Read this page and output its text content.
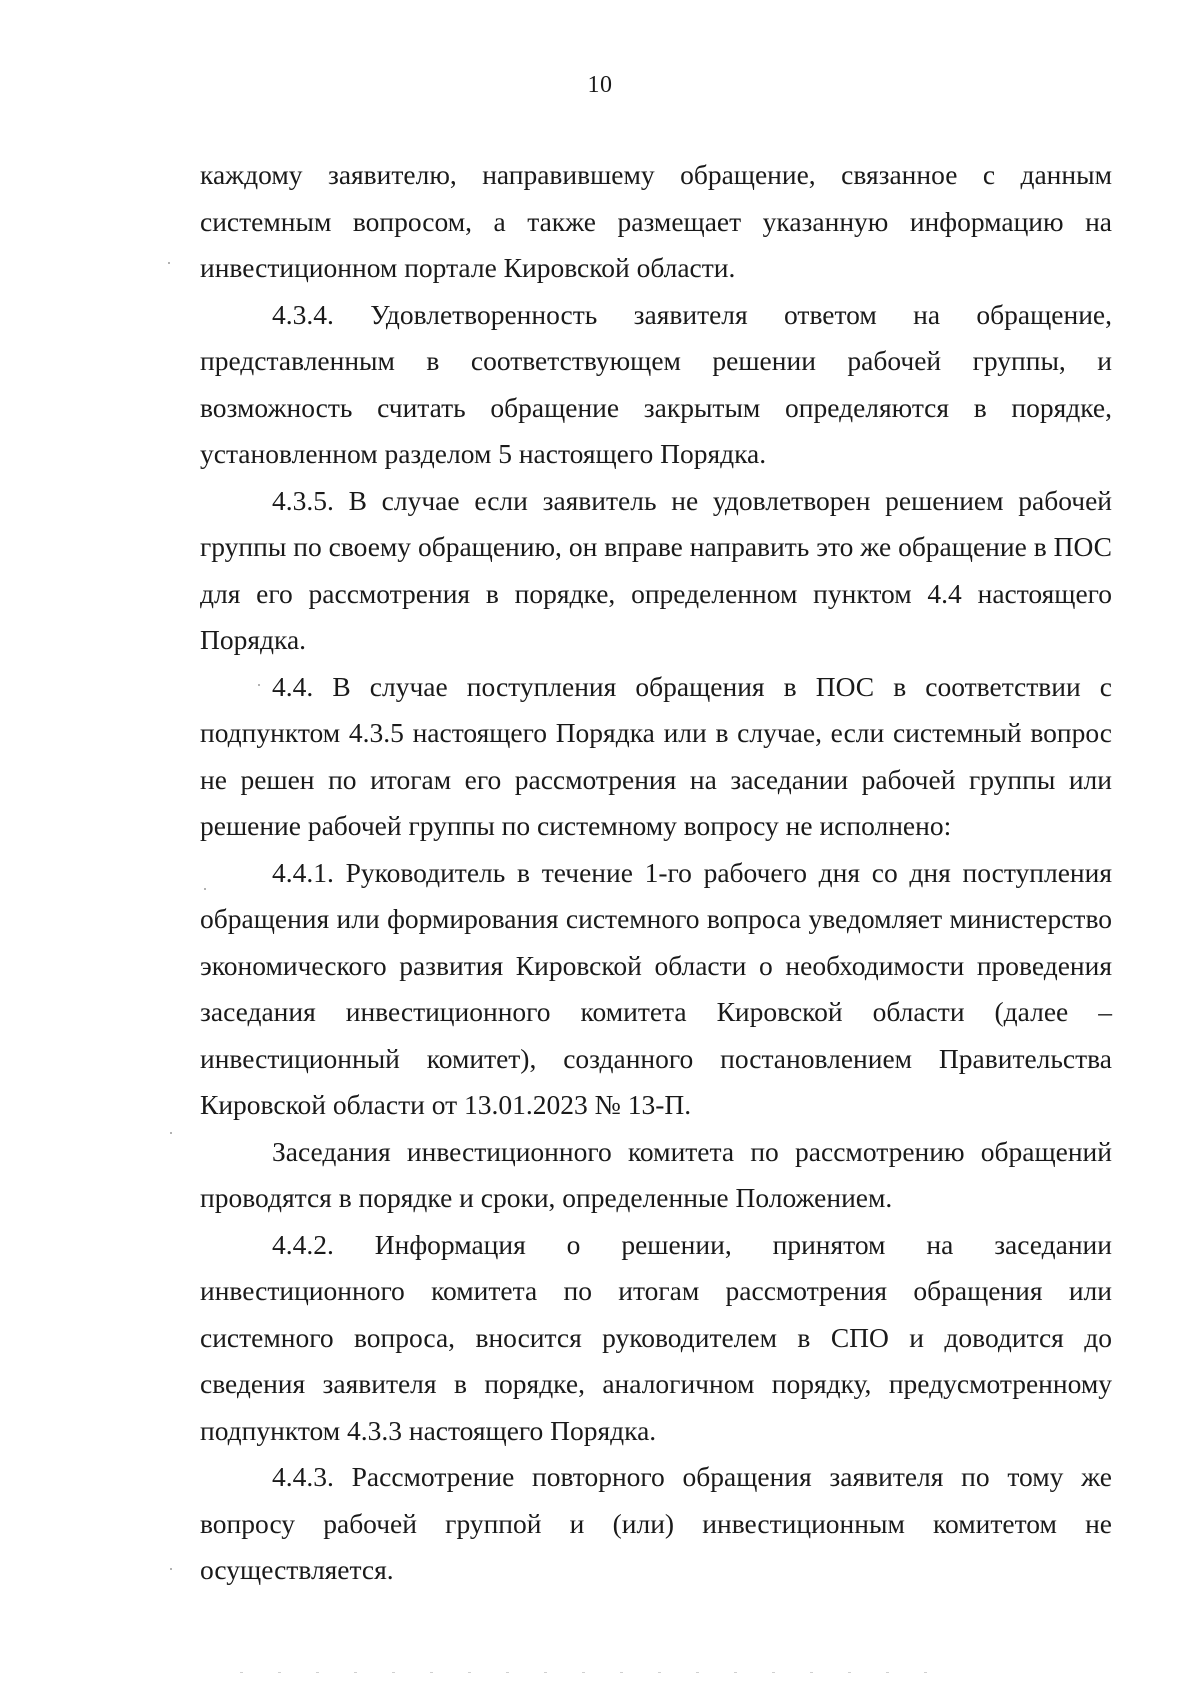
10

каждому заявителю, направившему обращение, связанное с данным системным вопросом, а также размещает указанную информацию на инвестиционном портале Кировской области.

4.3.4. Удовлетворенность заявителя ответом на обращение, представленным в соответствующем решении рабочей группы, и возможность считать обращение закрытым определяются в порядке, установленном разделом 5 настоящего Порядка.

4.3.5. В случае если заявитель не удовлетворен решением рабочей группы по своему обращению, он вправе направить это же обращение в ПОС для его рассмотрения в порядке, определенном пунктом 4.4 настоящего Порядка.

4.4. В случае поступления обращения в ПОС в соответствии с подпунктом 4.3.5 настоящего Порядка или в случае, если системный вопрос не решен по итогам его рассмотрения на заседании рабочей группы или решение рабочей группы по системному вопросу не исполнено:

4.4.1. Руководитель в течение 1-го рабочего дня со дня поступления обращения или формирования системного вопроса уведомляет министерство экономического развития Кировской области о необходимости проведения заседания инвестиционного комитета Кировской области (далее – инвестиционный комитет), созданного постановлением Правительства Кировской области от 13.01.2023 № 13-П.

Заседания инвестиционного комитета по рассмотрению обращений проводятся в порядке и сроки, определенные Положением.

4.4.2. Информация о решении, принятом на заседании инвестиционного комитета по итогам рассмотрения обращения или системного вопроса, вносится руководителем в СПО и доводится до сведения заявителя в порядке, аналогичном порядку, предусмотренному подпунктом 4.3.3 настоящего Порядка.

4.4.3. Рассмотрение повторного обращения заявителя по тому же вопросу рабочей группой и (или) инвестиционным комитетом не осуществляется.
